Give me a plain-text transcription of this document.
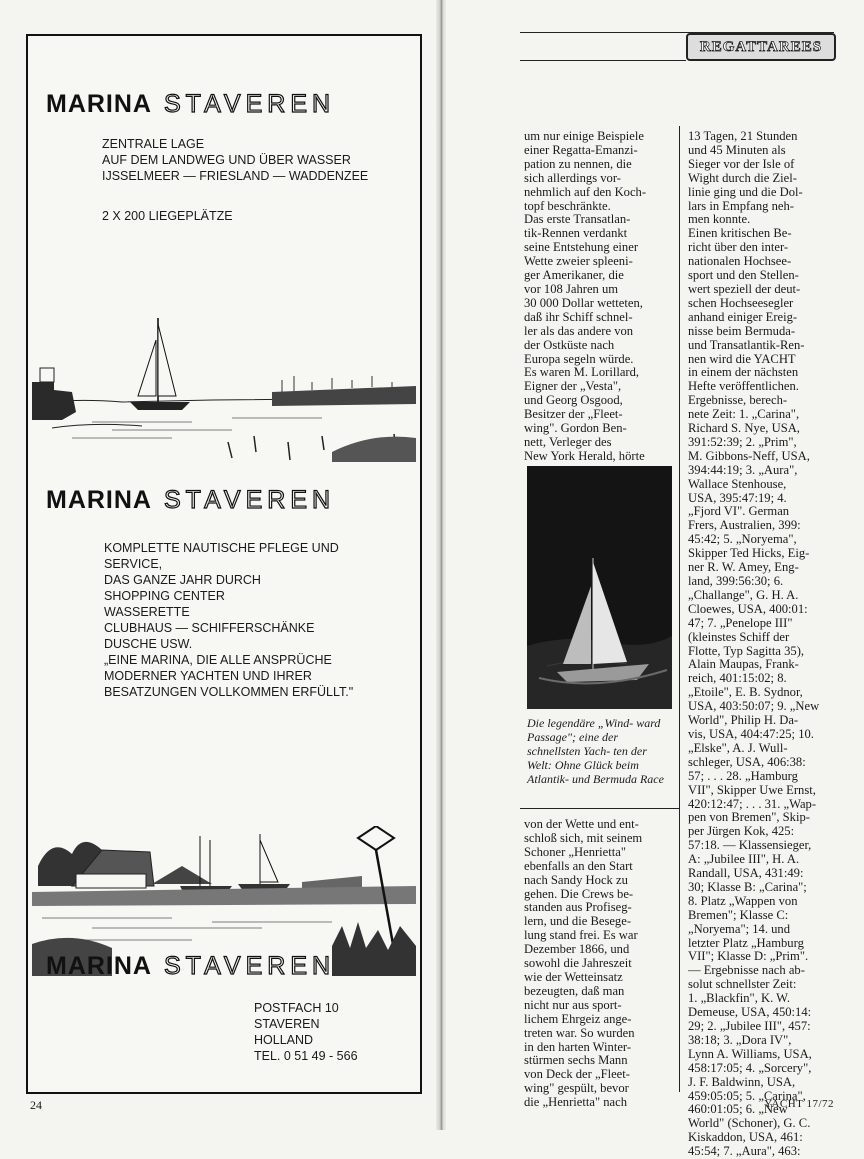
MARINA STAVEREN
ZENTRALE LAGE
AUF DEM LANDWEG UND ÜBER WASSER
IJSSELMEER — FRIESLAND — WADDENZEE
2 X 200 LIEGEPLÄTZE
MARINA STAVEREN
KOMPLETTE NAUTISCHE PFLEGE UND
SERVICE,
DAS GANZE JAHR DURCH
SHOPPING CENTER
WASSERETTE
CLUBHAUS — SCHIFFERSCHÄNKE
DUSCHE USW.
„EINE MARINA, DIE ALLE ANSPRÜCHE
MODERNER YACHTEN UND IHRER
BESATZUNGEN VOLLKOMMEN ERFÜLLT."
MARINA STAVEREN
POSTFACH 10
STAVEREN
HOLLAND
TEL. 0 51 49 - 566
24
REGATTAREES

um nur einige Beispiele
einer Regatta-Emanzi-
pation zu nennen, die
sich allerdings vor-
nehmlich auf den Koch-
topf beschränkte.
Das erste Transatlan-
tik-Rennen verdankt
seine Entstehung einer
Wette zweier spleeni-
ger Amerikaner, die
vor 108 Jahren um
30 000 Dollar wetteten,
daß ihr Schiff schnel-
ler als das andere von
der Ostküste nach
Europa segeln würde.
Es waren M. Lorillard,
Eigner der „Vesta",
und Georg Osgood,
Besitzer der „Fleet-
wing". Gordon Ben-
nett, Verleger des
New York Herald, hörte

Die legendäre „Wind- ward Passage"; eine der schnellsten Yach- ten der Welt: Ohne Glück beim Atlantik- und Bermuda Race

von der Wette und ent-
schloß sich, mit seinem
Schoner „Henrietta"
ebenfalls an den Start
nach Sandy Hock zu
gehen. Die Crews be-
standen aus Profiseg-
lern, und die Besege-
lung stand frei. Es war
Dezember 1866, und
sowohl die Jahreszeit
wie der Wetteinsatz
bezeugten, daß man
nicht nur aus sport-
lichem Ehrgeiz ange-
treten war. So wurden
in den harten Winter-
stürmen sechs Mann
von Deck der „Fleet-
wing" gespült, bevor
die „Henrietta" nach

13 Tagen, 21 Stunden
und 45 Minuten als
Sieger vor der Isle of
Wight durch die Ziel-
linie ging und die Dol-
lars in Empfang neh-
men konnte.
Einen kritischen Be-
richt über den inter-
nationalen Hochsee-
sport und den Stellen-
wert speziell der deut-
schen Hochseesegler
anhand einiger Ereig-
nisse beim Bermuda-
und Transatlantik-Ren-
nen wird die YACHT
in einem der nächsten
Hefte veröffentlichen.
Ergebnisse, berech-
nete Zeit: 1. „Carina",
Richard S. Nye, USA,
391:52:39; 2. „Prim",
M. Gibbons-Neff, USA,
394:44:19; 3. „Aura",
Wallace Stenhouse,
USA, 395:47:19; 4.
„Fjord VI". German
Frers, Australien, 399:
45:42; 5. „Noryema",
Skipper Ted Hicks, Eig-
ner R. W. Amey, Eng-
land, 399:56:30; 6.
„Challange", G. H. A.
Cloewes, USA, 400:01:
47; 7. „Penelope III"
(kleinstes Schiff der
Flotte, Typ Sagitta 35),
Alain Maupas, Frank-
reich, 401:15:02; 8.
„Etoile", E. B. Sydnor,
USA, 403:50:07; 9. „New
World", Philip H. Da-
vis, USA, 404:47:25; 10.
„Elske", A. J. Wull-
schleger, USA, 406:38:
57; . . . 28. „Hamburg
VII", Skipper Uwe Ernst,
420:12:47; . . . 31. „Wap-
pen von Bremen", Skip-
per Jürgen Kok, 425:
57:18. — Klassensieger,
A: „Jubilee III", H. A.
Randall, USA, 431:49:
30; Klasse B: „Carina";
8. Platz „Wappen von
Bremen"; Klasse C:
„Noryema"; 14. und
letzter Platz „Hamburg
VII"; Klasse D: „Prim".
— Ergebnisse nach ab-
solut schnellster Zeit:
1. „Blackfin", K. W.
Demeuse, USA, 450:14:
29; 2. „Jubilee III", 457:
38:18; 3. „Dora IV",
Lynn A. Williams, USA,
458:17:05; 4. „Sorcery",
J. F. Baldwinn, USA,
459:05:05; 5. „Carina",
460:01:05; 6. „New
World" (Schoner), G. C.
Kiskaddon, USA, 461:
45:54; 7. „Aura", 463:

YACHT 17/72
